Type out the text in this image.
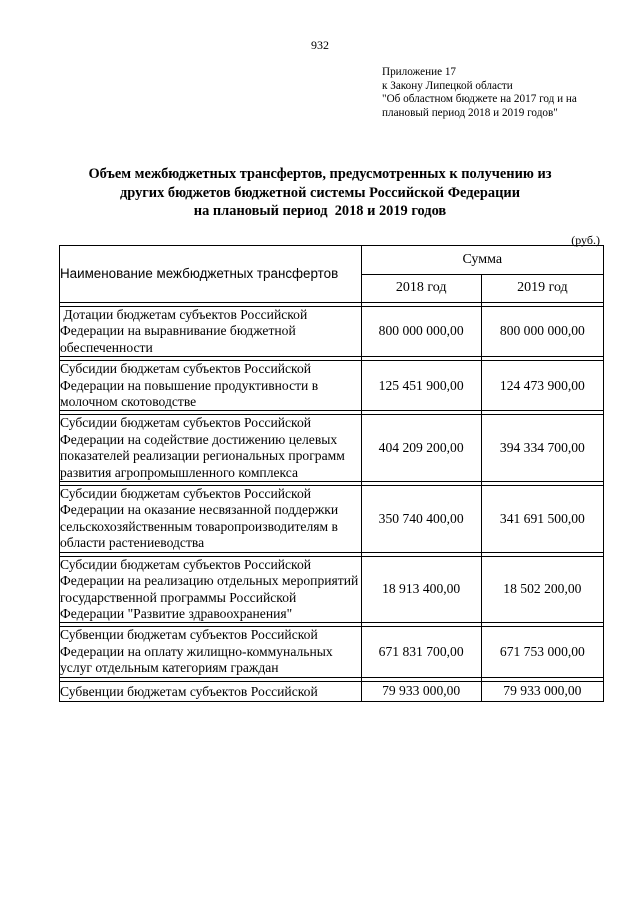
932
Приложение 17
к Закону Липецкой области
"Об областном бюджете на 2017 год и на
плановый период 2018 и 2019 годов"
Объем межбюджетных трансфертов, предусмотренных к получению из
других бюджетов бюджетной системы Российской Федерации
на плановый период  2018 и 2019 годов
(руб.)
Наименование межбюджетных трансфертов	Сумма	
	2018 год	2019 год

Дотации бюджетам субъектов Российской Федерации на выравнивание бюджетной обеспеченности	800 000 000,00	800 000 000,00

Субсидии бюджетам субъектов Российской Федерации на повышение продуктивности в молочном скотоводстве	125 451 900,00	124 473 900,00

Субсидии бюджетам субъектов Российской Федерации на содействие достижению целевых показателей реализации региональных программ развития агропромышленного комплекса	404 209 200,00	394 334 700,00

Субсидии бюджетам субъектов Российской Федерации на оказание несвязанной поддержки сельскохозяйственным товаропроизводителям в области растениеводства	350 740 400,00	341 691 500,00

Субсидии бюджетам субъектов Российской Федерации на реализацию отдельных мероприятий государственной программы Российской Федерации "Развитие здравоохранения"	18 913 400,00	18 502 200,00

Субвенции бюджетам субъектов Российской Федерации на оплату жилищно-коммунальных услуг отдельным категориям граждан	671 831 700,00	671 753 000,00

Субвенции бюджетам субъектов Российской	79 933 000,00	79 933 000,00
